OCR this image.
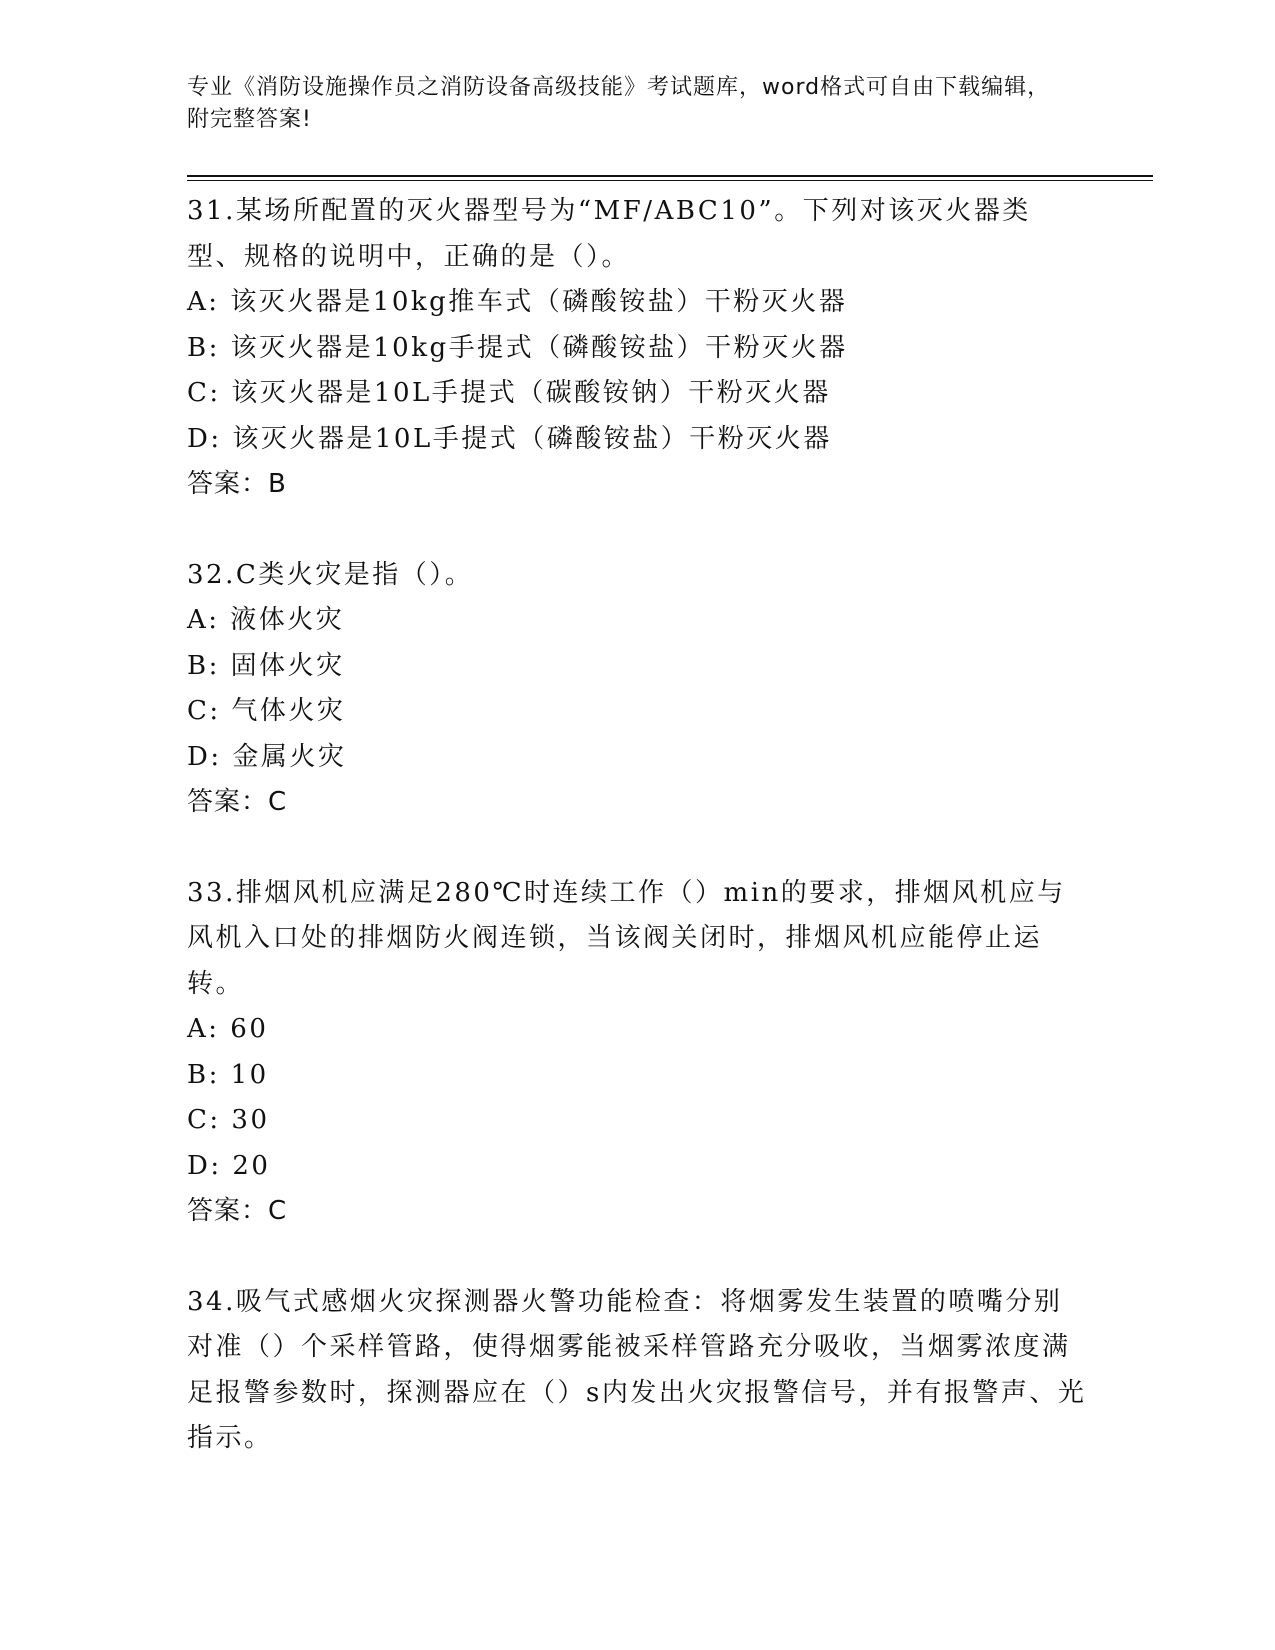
专业《消防设施操作员之消防设备高级技能》考试题库，word格式可自由下载编辑，附完整答案!
31.某场所配置的灭火器型号为“MF/ABC10”。下列对该灭火器类型、规格的说明中，正确的是（）。
A: 该灭火器是10kg推车式（磷酸铵盐）干粉灭火器
B: 该灭火器是10kg手提式（磷酸铵盐）干粉灭火器
C: 该灭火器是10L手提式（碳酸铵钠）干粉灭火器
D: 该灭火器是10L手提式（磷酸铵盐）干粉灭火器
答案：B
32.C类火灾是指（）。
A: 液体火灾
B: 固体火灾
C: 气体火灾
D: 金属火灾
答案：C
33.排烟风机应满足280℃时连续工作（）min的要求，排烟风机应与风机入口处的排烟防火阀连锁，当该阀关闭时，排烟风机应能停止运转。
A: 60
B: 10
C: 30
D: 20
答案：C
34.吸气式感烟火灾探测器火警功能检查：将烟雾发生装置的喷嘴分别对准（）个采样管路，使得烟雾能被采样管路充分吸收，当烟雾浓度满足报警参数时，探测器应在（）s内发出火灾报警信号，并有报警声、光指示。
